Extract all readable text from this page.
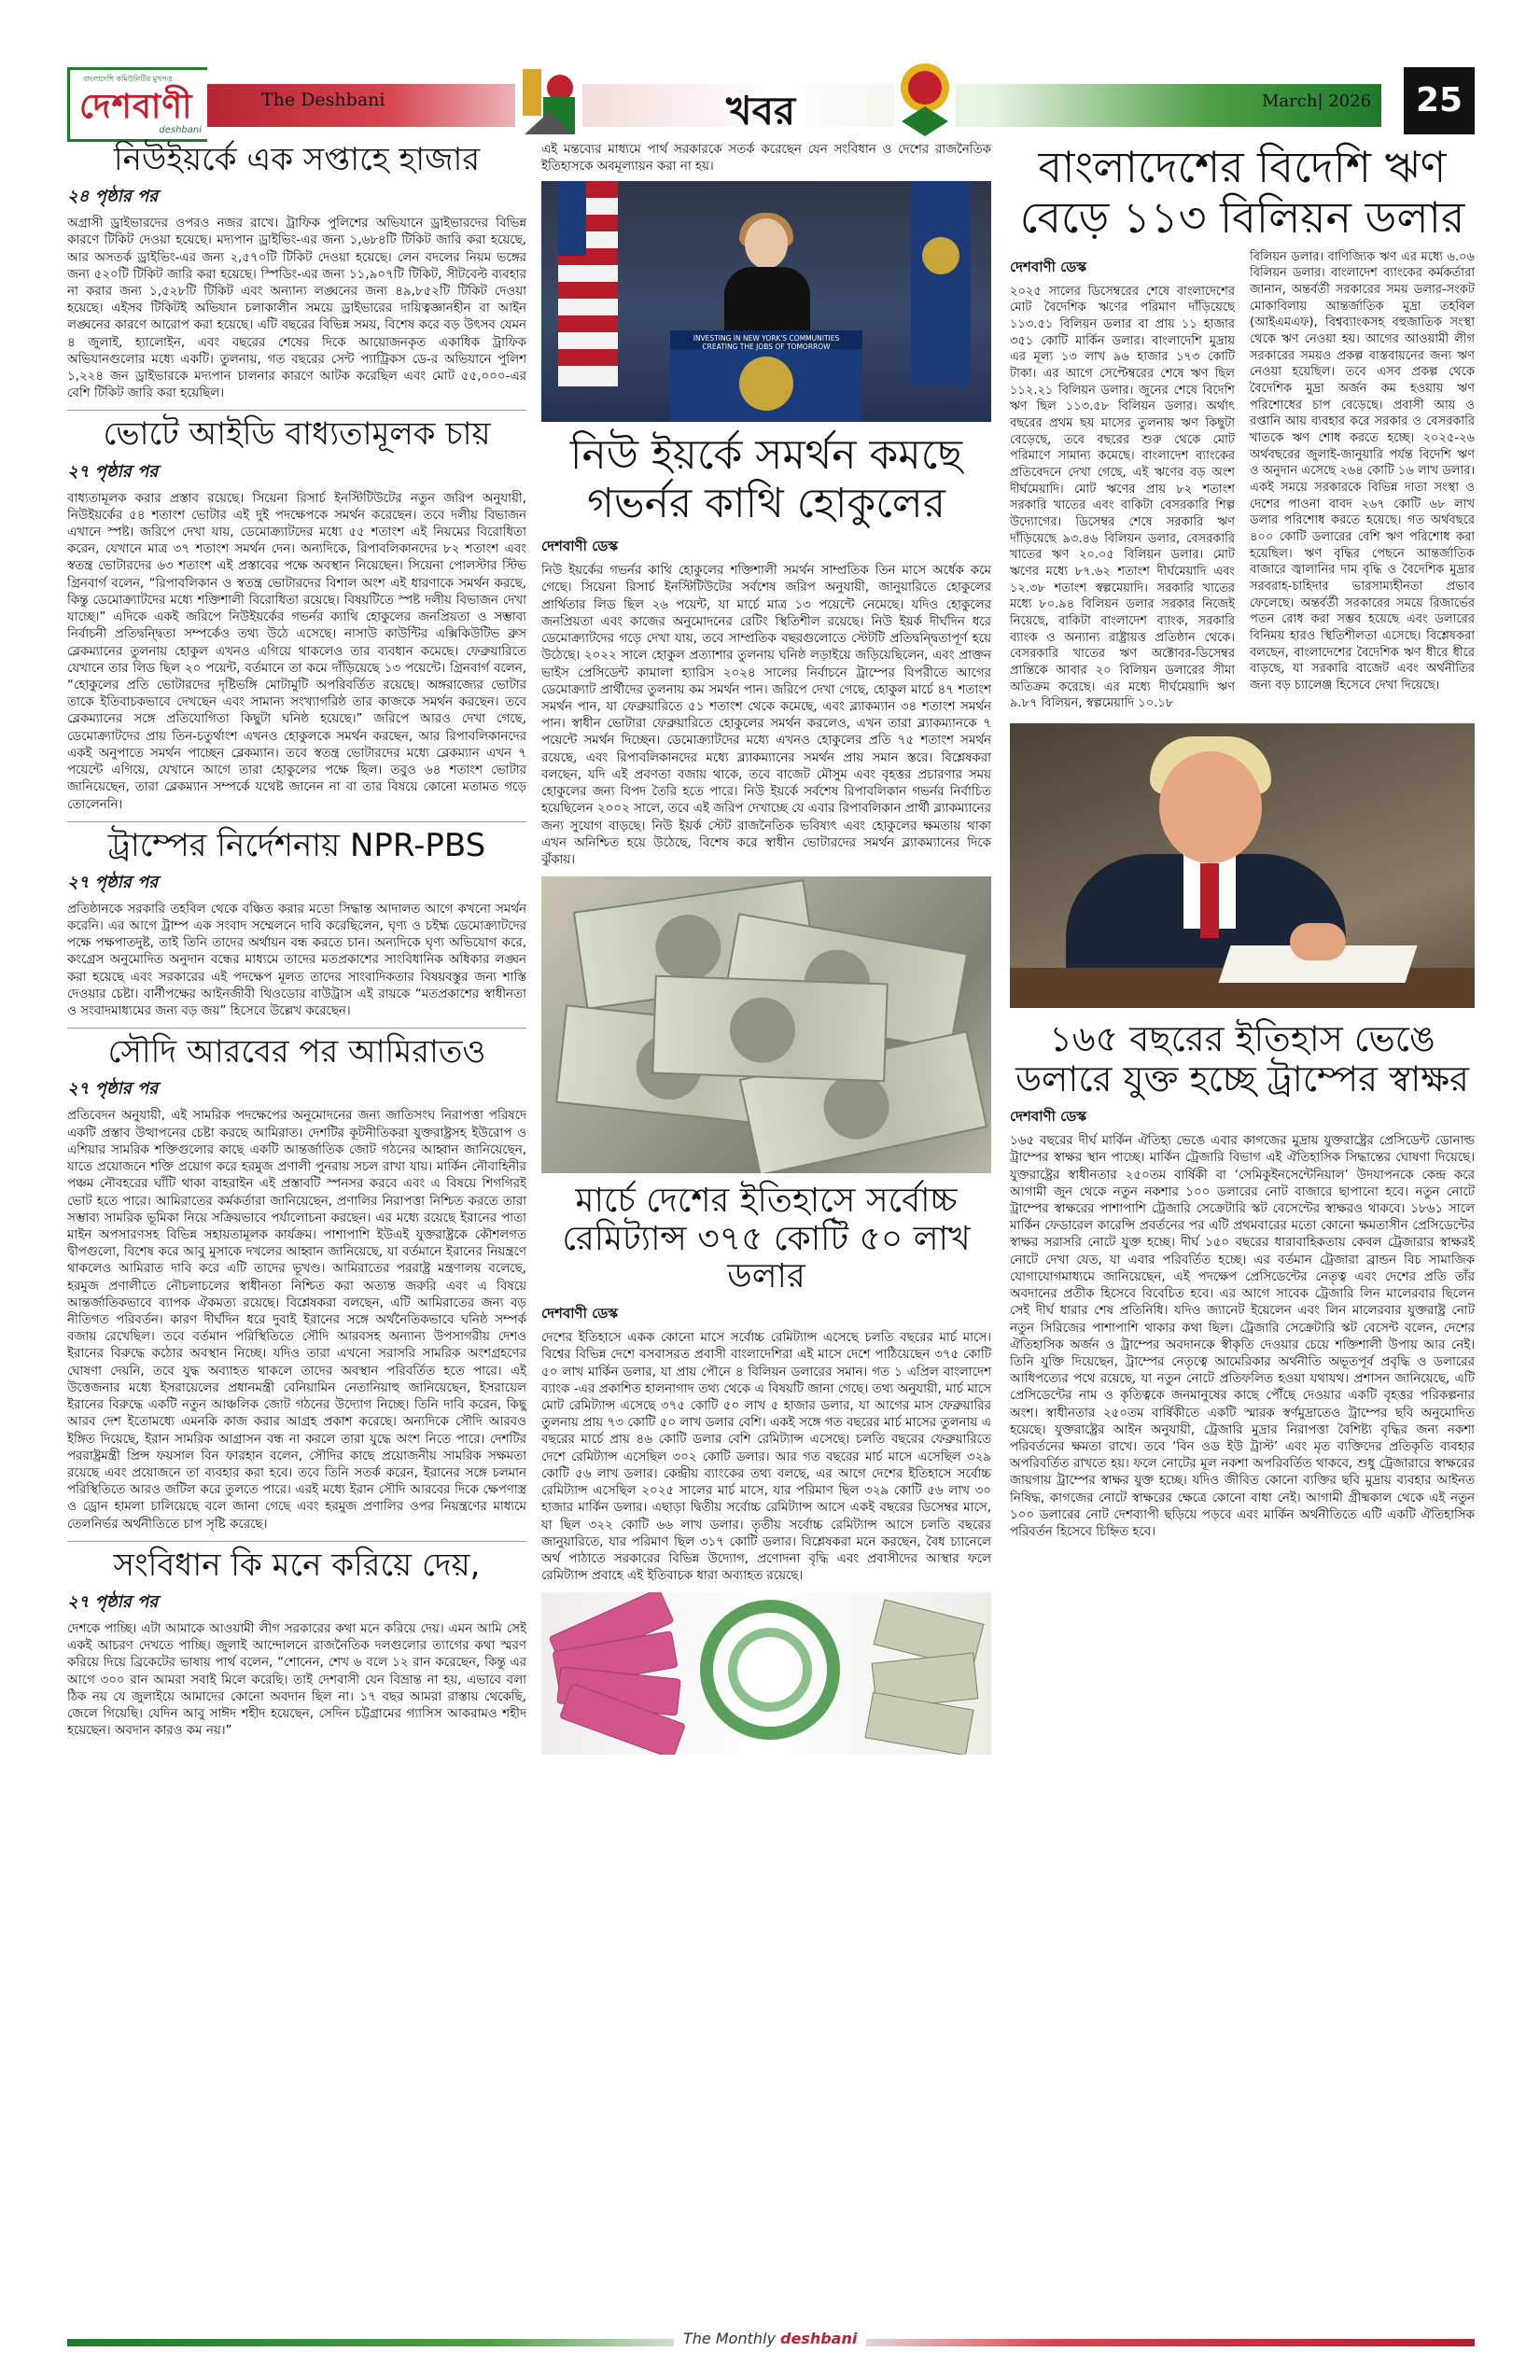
বাংলাদেশি কমিউনিটির মুখপত্র
দেশবাণী
deshbani
The Deshbani	খবর	March| 2026	25
নিউইয়র্কে এক সপ্তাহে হাজার
২৪ পৃষ্ঠার পর

অগ্রাসী ড্রাইভারদের ওপরও নজর রাখে। ট্রাফিক পুলিশের অভিযানে ড্রাইভারদের বিভিন্ন কারণে টিকিট দেওয়া হয়েছে। মদ্যপান ড্রাইভিং-এর জন্য ১,৬৮৪টি টিকিট জারি করা হয়েছে, আর অসতর্ক ড্রাইভিং-এর জন্য ২,৫৭০টি টিকিট দেওয়া হয়েছে। লেন বদলের নিয়ম ভঙ্গের জন্য ৫২০টি টিকিট জারি করা হয়েছে। স্পিডিং-এর জন্য ১১,৯০৭টি টিকিট, সীটবেল্ট ব্যবহার না করার জন্য ১,৫২৮টি টিকিট এবং অন্যান্য লঙ্ঘনের জন্য ৪৯,৮৫২টি টিকিট দেওয়া হয়েছে। এইসব টিকিটই অভিযান চলাকালীন সময়ে ড্রাইভারের দায়িত্বজ্ঞানহীন বা আইন লঙ্ঘনের কারণে আরোপ করা হয়েছে। এটি বছরের বিভিন্ন সময়, বিশেষ করে বড় উৎসব যেমন ৪ জুলাই, হ্যালোইন, এবং বছরের শেষের দিকে আয়োজনকৃত একাধিক ট্রাফিক অভিযানগুলোর মধ্যে একটি। তুলনায়, গত বছরের সেন্ট প্যাট্রিকস ডে-র অভিযানে পুলিশ ১,২২৪ জন ড্রাইভারকে মদ্যপান চালনার কারণে আটক করেছিল এবং মোট ৫৫,০০০-এর বেশি টিকিট জারি করা হয়েছিল।

ভোটে আইডি বাধ্যতামূলক চায়
২৭ পৃষ্ঠার পর

বাধ্যতামূলক করার প্রস্তাব রয়েছে। সিয়েনা রিসার্চ ইনস্টিটিউটের নতুন জরিপ অনুযায়ী, নিউইয়র্কের ৫৪ শতাংশ ভোটার এই দুই পদক্ষেপকে সমর্থন করেছেন। তবে দলীয় বিভাজন এখানে স্পষ্ট। জরিপে দেখা যায়, ডেমোক্র্যাটদের মধ্যে ৫৫ শতাংশ এই নিয়মের বিরোধিতা করেন, যেখানে মাত্র ৩৭ শতাংশ সমর্থন দেন। অন্যদিকে, রিপাবলিকানদের ৮২ শতাংশ এবং স্বতন্ত্র ভোটারদের ৬৩ শতাংশ এই প্রস্তাবের পক্ষে অবস্থান নিয়েছেন। সিয়েনা পোলস্টার স্টিভ গ্রিনবার্গ বলেন, “রিপাবলিকান ও স্বতন্ত্র ভোটারদের বিশাল অংশ এই ধারণাকে সমর্থন করছে, কিন্তু ডেমোক্র্যাটদের মধ্যে শক্তিশালী বিরোধিতা রয়েছে। বিষয়টিতে স্পষ্ট দলীয় বিভাজন দেখা যাচ্ছে।” এদিকে একই জরিপে নিউইয়র্কের গভর্নর ক্যাথি হোকুলের জনপ্রিয়তা ও সম্ভাব্য নির্বাচনী প্রতিদ্বন্দ্বিতা সম্পর্কেও তথ্য উঠে এসেছে। নাসাউ কাউন্টির এক্সিকিউটিভ ব্রুস ব্লেকম্যানের তুলনায় হোকুল এখনও এগিয়ে থাকলেও তার ব্যবধান কমেছে। ফেব্রুয়ারিতে যেখানে তার লিড ছিল ২০ পয়েন্ট, বর্তমানে তা কমে দাঁড়িয়েছে ১৩ পয়েন্টে। গ্রিনবার্গ বলেন, “হোকুলের প্রতি ভোটারদের দৃষ্টিভঙ্গি মোটামুটি অপরিবর্তিত রয়েছে। অঙ্গরাজ্যের ভোটার তাকে ইতিবাচকভাবে দেখছেন এবং সামান্য সংখ্যাগরিষ্ঠ তার কাজকে সমর্থন করছেন। তবে ব্লেকম্যানের সঙ্গে প্রতিযোগিতা কিছুটা ঘনিষ্ঠ হয়েছে।” জরিপে আরও দেখা গেছে, ডেমোক্র্যাটদের প্রায় তিন-চতুর্থাংশ এখনও হোকুলকে সমর্থন করছেন, আর রিপাবলিকানদের একই অনুপাতে সমর্থন পাচ্ছেন ব্লেকম্যান। তবে স্বতন্ত্র ভোটারদের মধ্যে ব্লেকম্যান এখন ৭ পয়েন্টে এগিয়ে, যেখানে আগে তারা হোকুলের পক্ষে ছিল। তবুও ৬৪ শতাংশ ভোটার জানিয়েছেন, তারা ব্লেকম্যান সম্পর্কে যথেষ্ট জানেন না বা তার বিষয়ে কোনো মতামত গড়ে তোলেননি।

ট্রাম্পের নির্দেশনায় NPR-PBS
২৭ পৃষ্ঠার পর

প্রতিষ্ঠানকে সরকারি তহবিল থেকে বঞ্চিত করার মতো সিদ্ধান্ত আদালত আগে কখনো সমর্থন করেনি। এর আগে ট্রাম্প এক সংবাদ সম্মেলনে দাবি করেছিলেন, ঘৃণ্য ও চইহ্ম ডেমোক্র্যাটদের পক্ষে পক্ষপাতদুষ্ট, তাই তিনি তাদের অর্থায়ন বন্ধ করতে চান। অন্যদিকে ঘৃণ্য অভিযোগ করে, কংগ্রেস অনুমোদিত অনুদান বন্ধের মাধ্যমে তাদের মতপ্রকাশের সাংবিধানিক অধিকার লঙ্ঘন করা হয়েছে এবং সরকারের এই পদক্ষেপ মূলত তাদের সাংবাদিকতার বিষয়বস্তুর জন্য শাস্তি দেওয়ার চেষ্টা। বার্নীপক্ষের আইনজীবী থিওডোর বাউট্রাস এই রায়কে “মতপ্রকাশের স্বাধীনতা ও সংবাদমাধ্যমের জন্য বড় জয়” হিসেবে উল্লেখ করেছেন।

সৌদি আরবের পর আমিরাতও
২৭ পৃষ্ঠার পর

প্রতিবেদন অনুযায়ী, এই সামরিক পদক্ষেপের অনুমোদনের জন্য জাতিসংঘ নিরাপত্তা পরিষদে একটি প্রস্তাব উত্থাপনের চেষ্টা করছে আমিরাত। দেশটির কূটনীতিকরা যুক্তরাষ্ট্রসহ ইউরোপ ও এশিয়ার সামরিক শক্তিগুলোর কাছে একটি আন্তর্জাতিক জোট গঠনের আহ্বান জানিয়েছেন, যাতে প্রয়োজনে শক্তি প্রয়োগ করে হরমুজ প্রণালী পুনরায় সচল রাখা যায়। মার্কিন নৌবাহিনীর পঞ্চম নৌবহরের ঘাঁটি থাকা বাহরাইন এই প্রস্তাবটি স্পনসর করবে এবং এ বিষয়ে শিগগিরই ভোট হতে পারে। আমিরাতের কর্মকর্তারা জানিয়েছেন, প্রণালির নিরাপত্তা নিশ্চিত করতে তারা সম্ভাব্য সামরিক ভূমিকা নিয়ে সক্রিয়ভাবে পর্যালোচনা করছেন। এর মধ্যে রয়েছে ইরানের পাতা মাইন অপসারণসহ বিভিন্ন সহায়তামূলক কার্যক্রম। পাশাপাশি ইউএই যুক্তরাষ্ট্রকে কৌশলগত দ্বীপগুলো, বিশেষ করে আবু মুসাকে দখলের আহ্বান জানিয়েছে, যা বর্তমানে ইরানের নিয়ন্ত্রণে থাকলেও আমিরাত দাবি করে এটি তাদের ভূখণ্ড। আমিরাতের পররাষ্ট্র মন্ত্রণালয় বলেছে, হরমুজ প্রণালীতে নৌচলাচলের স্বাধীনতা নিশ্চিত করা অত্যন্ত জরুরি এবং এ বিষয়ে আন্তর্জাতিকভাবে ব্যাপক ঐকমত্য রয়েছে। বিশ্লেষকরা বলছেন, এটি আমিরাতের জন্য বড় নীতিগত পরিবর্তন। কারণ দীর্ঘদিন ধরে দুবাই ইরানের সঙ্গে অর্থনৈতিকভাবে ঘনিষ্ঠ সম্পর্ক বজায় রেখেছিল। তবে বর্তমান পরিস্থিতিতে সৌদি আরবসহ অন্যান্য উপসাগরীয় দেশও ইরানের বিরুদ্ধে কঠোর অবস্থান নিচ্ছে। যদিও তারা এখনো সরাসরি সামরিক অংশগ্রহণের ঘোষণা দেয়নি, তবে যুদ্ধ অব্যাহত থাকলে তাদের অবস্থান পরিবর্তিত হতে পারে। এই উত্তেজনার মধ্যে ইসরায়েলের প্রধানমন্ত্রী বেনিয়ামিন নেতানিয়াহু জানিয়েছেন, ইসরায়েল ইরানের বিরুদ্ধে একটি নতুন আঞ্চলিক জোট গঠনের উদ্যোগ নিচ্ছে। তিনি দাবি করেন, কিছু আরব দেশ ইতোমধ্যে এমনকি কাজ করার আগ্রহ প্রকাশ করেছে। অন্যদিকে সৌদি আরবও ইঙ্গিত দিয়েছে, ইরান সামরিক আগ্রাসন বন্ধ না করলে তারা যুদ্ধে অংশ নিতে পারে। দেশটির পররাষ্ট্রমন্ত্রী প্রিন্স ফয়সাল বিন ফারহান বলেন, সৌদির কাছে প্রয়োজনীয় সামরিক সক্ষমতা রয়েছে এবং প্রয়োজনে তা ব্যবহার করা হবে। তবে তিনি সতর্ক করেন, ইরানের সঙ্গে চলমান পরিস্থিতিতে আরও জটিল করে তুলতে পারে। এরই মধ্যে ইরান সৌদি আরবের দিকে ক্ষেপণাস্ত্র ও ড্রোন হামলা চালিয়েছে বলে জানা গেছে এবং হরমুজ প্রণালির ওপর নিয়ন্ত্রণের মাধ্যমে তেলনির্ভর অর্থনীতিতে চাপ সৃষ্টি করেছে।

সংবিধান কি মনে করিয়ে দেয়,
২৭ পৃষ্ঠার পর

দেশকে পাচ্ছি। এটা আমাকে আওয়ামী লীগ সরকারের কথা মনে করিয়ে দেয়। এমন আমি সেই একই আচরণ দেখতে পাচ্ছি। জুলাই আন্দোলনে রাজনৈতিক দলগুলোর ত্যাগের কথা স্মরণ করিয়ে দিয়ে ব্রিকেটের ভাষায় পার্থ বলেন, “শোনেন, শেখ ৬ বলে ১২ রান করেছেন, কিন্তু এর আগে ৩০০ রান আমরা সবাই মিলে করেছি। তাই দেশবাসী যেন বিভ্রান্ত না হয়, এভাবে বলা ঠিক নয় যে জুলাইয়ে আমাদের কোনো অবদান ছিল না। ১৭ বছর আমরা রাস্তায় থেকেছি, জেলে গিয়েছি। যেদিন আবু সাঈদ শহীদ হয়েছেন, সেদিন চট্টগ্রামের গ্যাসিস আকরামও শহীদ হয়েছেন। অবদান কারও কম নয়।”

এই মন্তব্যের মাধ্যমে পার্থ সরকারকে সতর্ক করেছেন যেন সংবিধান ও দেশের রাজনৈতিক ইতিহাসকে অবমূল্যায়ন করা না হয়।

INVESTING IN NEW YORK'S COMMUNITIES CREATING THE JOBS OF TOMORROW
নিউ ইয়র্কে সমর্থন কমছে গভর্নর কাথি হোকুলের
দেশবাণী ডেস্ক

নিউ ইয়র্কের গভর্নর কাথি হোকুলের শক্তিশালী সমর্থন সাম্প্রতিক তিন মাসে অর্ধেক কমে গেছে। সিয়েনা রিসার্চ ইনস্টিটিউটের সর্বশেষ জরিপ অনুযায়ী, জানুয়ারিতে হোকুলের প্রার্থিতার লিড ছিল ২৬ পয়েন্ট, যা মার্চে মাত্র ১৩ পয়েন্টে নেমেছে। যদিও হোকুলের জনপ্রিয়তা এবং কাজের অনুমোদনের রেটিং স্থিতিশীল রয়েছে। নিউ ইয়র্ক দীর্ঘদিন ধরে ডেমোক্র্যাটদের গড়ে দেখা যায়, তবে সাম্প্রতিক বছরগুলোতে স্টেটটি প্রতিদ্বন্দ্বিতাপূর্ণ হয়ে উঠেছে। ২০২২ সালে হোকুল প্রত্যাশার তুলনায় ঘনিষ্ঠ লড়াইয়ে জড়িয়েছিলেন, এবং প্রাক্তন ভাইস প্রেসিডেন্ট কামালা হ্যারিস ২০২৪ সালের নির্বাচনে ট্রাম্পের বিপরীতে আগের ডেমোক্র্যাট প্রার্থীদের তুলনায় কম সমর্থন পান। জরিপে দেখা গেছে, হোকুল মার্চে ৪৭ শতাংশ সমর্থন পান, যা ফেব্রুয়ারিতে ৫১ শতাংশ থেকে কমেছে, এবং ব্ল্যাকম্যান ৩৪ শতাংশ সমর্থন পান। স্বাধীন ভোটারা ফেব্রুয়ারিতে হোকুলের সমর্থন করলেও, এখন তারা ব্ল্যাকম্যানকে ৭ পয়েন্টে সমর্থন দিচ্ছেন। ডেমোক্র্যাটদের মধ্যে এখনও হোকুলের প্রতি ৭৫ শতাংশ সমর্থন রয়েছে, এবং রিপাবলিকানদের মধ্যে ব্ল্যাকম্যানের সমর্থন প্রায় সমান স্তরে। বিশ্লেষকরা বলছেন, যদি এই প্রবণতা বজায় থাকে, তবে বাজেট মৌসুম এবং বৃহত্তর প্রচারণার সময় হোকুলের জন্য বিপদ তৈরি হতে পারে। নিউ ইয়র্কে সর্বশেষ রিপাবলিকান গভর্নর নির্বাচিত হয়েছিলেন ২০০২ সালে, তবে এই জরিপ দেখাচ্ছে যে এবার রিপাবলিকান প্রার্থী ব্ল্যাকম্যানের জন্য সুযোগ বাড়ছে। নিউ ইয়র্ক স্টেট রাজনৈতিক ভবিষ্যৎ এবং হোকুলের ক্ষমতায় থাকা এখন অনিশ্চিত হয়ে উঠেছে, বিশেষ করে স্বাধীন ভোটারদের সমর্থন ব্ল্যাকম্যানের দিকে ঝুঁকায়।

মার্চে দেশের ইতিহাসে সর্বোচ্চ রেমিট্যান্স ৩৭৫ কোটি ৫০ লাখ ডলার
দেশবাণী ডেস্ক

দেশের ইতিহাসে একক কোনো মাসে সর্বোচ্চ রেমিট্যান্স এসেছে চলতি বছরের মার্চ মাসে। বিশ্বের বিভিন্ন দেশে বসবাসরত প্রবাসী বাংলাদেশিরা এই মাসে দেশে পাঠিয়েছেন ৩৭৫ কোটি ৫০ লাখ মার্কিন ডলার, যা প্রায় পৌনে ৪ বিলিয়ন ডলারের সমান। গত ১ এপ্রিল বাংলাদেশ ব্যাংক -এর প্রকাশিত হালনাগাদ তথ্য থেকে এ বিষয়টি জানা গেছে। তথ্য অনুযায়ী, মার্চ মাসে মোট রেমিট্যান্স এসেছে ৩৭৫ কোটি ৫০ লাখ ৫ হাজার ডলার, যা আগের মাস ফেব্রুয়ারির তুলনায় প্রায় ৭৩ কোটি ৫০ লাখ ডলার বেশি। একই সঙ্গে গত বছরের মার্চ মাসের তুলনায় এ বছরের মার্চে প্রায় ৪৬ কোটি ডলার বেশি রেমিট্যান্স এসেছে। চলতি বছরের ফেব্রুয়ারিতে দেশে রেমিট্যান্স এসেছিল ৩০২ কোটি ডলার। আর গত বছরের মার্চ মাসে এসেছিল ৩২৯ কোটি ৫৬ লাখ ডলার। কেন্দ্রীয় ব্যাংকের তথ্য বলছে, এর আগে দেশের ইতিহাসে সর্বোচ্চ রেমিট্যান্স এসেছিল ২০২৫ সালের মার্চ মাসে, যার পরিমাণ ছিল ৩২৯ কোটি ৫৬ লাখ ৩০ হাজার মার্কিন ডলার। এছাড়া দ্বিতীয় সর্বোচ্চ রেমিট্যান্স আসে একই বছরের ডিসেম্বর মাসে, যা ছিল ৩২২ কোটি ৬৬ লাখ ডলার। তৃতীয় সর্বোচ্চ রেমিট্যান্স আসে চলতি বছরের জানুয়ারিতে, যার পরিমাণ ছিল ৩১৭ কোটি ডলার। বিশ্লেষকরা মনে করছেন, বৈধ চ্যানেলে অর্থ পাঠাতে সরকারের বিভিন্ন উদ্যোগ, প্রণোদনা বৃদ্ধি এবং প্রবাসীদের আস্থার ফলে রেমিট্যান্স প্রবাহে এই ইতিবাচক ধারা অব্যাহত রয়েছে।

বাংলাদেশের বিদেশি ঋণ বেড়ে ১১৩ বিলিয়ন ডলার
দেশবাণী ডেস্ক

২০২৫ সালের ডিসেম্বরের শেষে বাংলাদেশের মোট বৈদেশিক ঋণের পরিমাণ দাঁড়িয়েছে ১১৩.৫১ বিলিয়ন ডলার বা প্রায় ১১ হাজার ৩৫১ কোটি মার্কিন ডলার। বাংলাদেশি মুদ্রায় এর মূল্য ১৩ লাখ ৯৬ হাজার ১৭৩ কোটি টাকা। এর আগে সেপ্টেম্বরের শেষে ঋণ ছিল ১১২.২১ বিলিয়ন ডলার। জুনের শেষে বিদেশি ঋণ ছিল ১১৩.৫৮ বিলিয়ন ডলার। অর্থাৎ বছরের প্রথম ছয় মাসের তুলনায় ঋণ কিছুটা বেড়েছে, তবে বছরের শুরু থেকে মোট পরিমাণে সামান্য কমেছে। বাংলাদেশ ব্যাংকের প্রতিবেদনে দেখা গেছে, এই ঋণের বড় অংশ দীর্ঘমেয়াদি। মোট ঋণের প্রায় ৮২ শতাংশ সরকারি খাতের এবং বাকিটা বেসরকারি শিল্প উদ্যোগের। ডিসেম্বর শেষে সরকারি ঋণ দাঁড়িয়েছে ৯৩.৪৬ বিলিয়ন ডলার, বেসরকারি খাতের ঋণ ২০.০৫ বিলিয়ন ডলার। মোট ঋণের মধ্যে ৮৭.৬২ শতাংশ দীর্ঘমেয়াদি এবং ১২.৩৮ শতাংশ স্বল্পমেয়াদি। সরকারি খাতের মধ্যে ৮০.৯৪ বিলিয়ন ডলার সরকার নিজেই নিয়েছে, বাকিটা বাংলাদেশ ব্যাংক, সরকারি ব্যাংক ও অন্যান্য রাষ্ট্রায়ত্ত প্রতিষ্ঠান থেকে। বেসরকারি খাতের ঋণ অক্টোবর-ডিসেম্বর প্রান্তিকে আবার ২০ বিলিয়ন ডলারের সীমা অতিক্রম করেছে। এর মধ্যে দীর্ঘমেয়াদি ঋণ ৯.৮৭ বিলিয়ন, স্বল্পমেয়াদি ১০.১৮

বিলিয়ন ডলার। বাণিজ্যিক ঋণ এর মধ্যে ৬.০৬ বিলিয়ন ডলার। বাংলাদেশ ব্যাংকের কর্মকর্তারা জানান, অন্তর্বর্তী সরকারের সময় ডলার-সংকট মোকাবিলায় আন্তর্জাতিক মুদ্রা তহবিল (আইএমএফ), বিশ্বব্যাংকসহ বহুজাতিক সংস্থা থেকে ঋণ নেওয়া হয়। আগের আওয়ামী লীগ সরকারের সময়ও প্রকল্প বাস্তবায়নের জন্য ঋণ নেওয়া হয়েছিল। তবে এসব প্রকল্প থেকে বৈদেশিক মুদ্রা অর্জন কম হওয়ায় ঋণ পরিশোধের চাপ বেড়েছে। প্রবাসী আয় ও রপ্তানি আয় ব্যবহার করে সরকার ও বেসরকারি খাতকে ঋণ শোধ করতে হচ্ছে। ২০২৫-২৬ অর্থবছরের জুলাই-জানুয়ারি পর্যন্ত বিদেশি ঋণ ও অনুদান এসেছে ২৬৪ কোটি ১৬ লাখ ডলার। একই সময়ে সরকারকে বিভিন্ন দাতা সংস্থা ও দেশের পাওনা বাবদ ২৬৭ কোটি ৬৮ লাখ ডলার পরিশোধ করতে হয়েছে। গত অর্থবছরে ৪০০ কোটি ডলারের বেশি ঋণ পরিশোধ করা হয়েছিল। ঋণ বৃদ্ধির পেছনে আন্তর্জাতিক বাজারে জ্বালানির দাম বৃদ্ধি ও বৈদেশিক মুদ্রার সরবরাহ-চাহিদার ভারসাম্যহীনতা প্রভাব ফেলেছে। অন্তর্বর্তী সরকারের সময়ে রিজার্ভের পতন রোধ করা সম্ভব হয়েছে এবং ডলারের বিনিময় হারও স্থিতিশীলতা এসেছে। বিশ্লেষকরা বলছেন, বাংলাদেশের বৈদেশিক ঋণ ধীরে ধীরে বাড়ছে, যা সরকারি বাজেট এবং অর্থনীতির জন্য বড় চ্যালেঞ্জ হিসেবে দেখা দিয়েছে।

১৬৫ বছরের ইতিহাস ভেঙে ডলারে যুক্ত হচ্ছে ট্রাম্পের স্বাক্ষর
দেশবাণী ডেস্ক

১৬৫ বছরের দীর্ঘ মার্কিন ঐতিহ্য ভেঙে এবার কাগজের মুদ্রায় যুক্তরাষ্ট্রের প্রেসিডেন্ট ডোনাল্ড ট্রাম্পের স্বাক্ষর স্থান পাচ্ছে। মার্কিন ট্রেজারি বিভাগ এই ঐতিহাসিক সিদ্ধান্তের ঘোষণা দিয়েছে। যুক্তরাষ্ট্রের স্বাধীনতার ২৫০তম বার্ষিকী বা ‘সেমিকুইনসেন্টেনিয়াল’ উদযাপনকে কেন্দ্র করে আগামী জুন থেকে নতুন নকশার ১০০ ডলারের নোট বাজারে ছাপানো হবে। নতুন নোটে ট্রাম্পের স্বাক্ষরের পাশাপাশি ট্রেজারি সেক্রেটারি স্কট বেসেন্টের স্বাক্ষরও থাকবে। ১৮৬১ সালে মার্কিন ফেডারেল কারেন্সি প্রবর্তনের পর এটি প্রথমবারের মতো কোনো ক্ষমতাসীন প্রেসিডেন্টের স্বাক্ষর সরাসরি নোটে যুক্ত হচ্ছে। দীর্ঘ ১৫০ বছরের ধারাবাহিকতায় কেবল ট্রেজারার স্বাক্ষরই নোটে দেখা যেত, যা এবার পরিবর্তিত হচ্ছে। এর বর্তমান ট্রেজারা ব্রান্ডন বিচ সামাজিক যোগাযোগমাধ্যমে জানিয়েছেন, এই পদক্ষেপ প্রেসিডেন্টের নেতৃত্ব এবং দেশের প্রতি তাঁর অবদানের প্রতীক হিসেবে বিবেচিত হবে। এর আগে সাবেক ট্রেজারি লিন মালেরবার ছিলেন সেই দীর্ঘ ধারার শেষ প্রতিনিধি। যদিও জ্যানেট ইয়েলেন এবং লিন মালেরবার যুক্তরাষ্ট্র নোট নতুন সিরিজের পাশাপাশি থাকার কথা ছিল। ট্রেজারি সেক্রেটারি স্কট বেসেন্ট বলেন, দেশের ঐতিহাসিক অর্জন ও ট্রাম্পের অবদানকে স্বীকৃতি দেওয়ার চেয়ে শক্তিশালী উপায় আর নেই। তিনি যুক্তি দিয়েছেন, ট্রাম্পের নেতৃত্বে আমেরিকার অর্থনীতি অভূতপূর্ব প্রবৃদ্ধি ও ডলারের আধিপত্যের পথে রয়েছে, যা নতুন নোটে প্রতিফলিত হওয়া যথাযথ। প্রশাসন জানিয়েছে, এটি প্রেসিডেন্টের নাম ও কৃতিত্বকে জনমানুষের কাছে পৌঁছে দেওয়ার একটি বৃহত্তর পরিকল্পনার অংশ। স্বাধীনতার ২৫০তম বার্ষিকীতে একটি স্মারক স্বর্ণমুদ্রাতেও ট্রাম্পের ছবি অনুমোদিত হয়েছে। যুক্তরাষ্ট্রের আইন অনুযায়ী, ট্রেজারি মুদ্রার নিরাপত্তা বৈশিষ্ট্য বৃদ্ধির জন্য নকশা পরিবর্তনের ক্ষমতা রাখে। তবে ‘বিন ওড ইউ ট্রাস্ট’ এবং মৃত ব্যক্তিদের প্রতিকৃতি ব্যবহার অপরিবর্তিত রাখতে হয়। ফলে নোটের মূল নকশা অপরিবর্তিত থাকবে, শুধু ট্রেজারারে স্বাক্ষরের জায়গায় ট্রাম্পের স্বাক্ষর যুক্ত হচ্ছে। যদিও জীবিত কোনো ব্যক্তির ছবি মুদ্রায় ব্যবহার আইনত নিষিদ্ধ, কাগজের নোটে স্বাক্ষরের ক্ষেত্রে কোনো বাধা নেই। আগামী গ্রীষ্মকাল থেকে এই নতুন ১০০ ডলারের নোট দেশব্যাপী ছড়িয়ে পড়বে এবং মার্কিন অর্থনীতিতে এটি একটি ঐতিহাসিক পরিবর্তন হিসেবে চিহ্নিত হবে।

The Monthly deshbani
